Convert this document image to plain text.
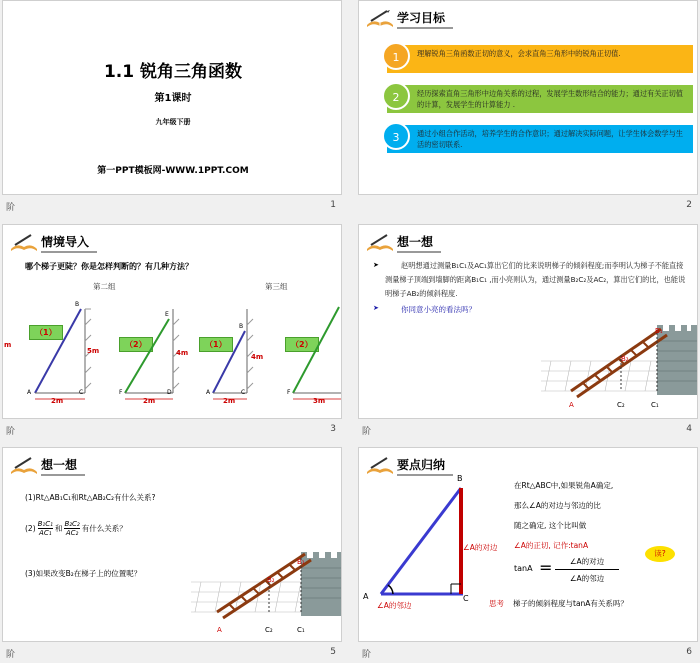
1.1 锐角三角函数
第1课时
九年级下册
第一PPT模板网-WWW.1PPT.COM
阶	1
学习目标
1	理解锐角三角函数正切的意义，会求直角三角形中的锐角正切值.
2	经历探索直角三角形中边角关系的过程，发展学生数形结合的能力；通过有关正切值的计算，发展学生的计算能力 .
3	通过小组合作活动，培养学生的合作意识；通过解决实际问题，让学生体会数学与生活的密切联系.
2
情境导入
哪个梯子更陡？你是怎样判断的？有几种方法？
第二组	第三组
m
（1）
B
A	C
5m
2m
（2）
E
F	D
4m
2m
（1）
B
A	C
4m
2m
（2）
F
3m
阶	3
想一想
➤	赵明想通过测量B₁C₁及AC₁算出它们的比来说明梯子的倾斜程度;而李明认为梯子不能直接测量梯子顶端到墙脚的距离B₁C₁ ,而小亮则认为，通过测量B₂C₂及AC₂，算出它们的比，也能说明梯子AB₂的倾斜程度.
➤	你同意小亮的看法吗？
A	C₂	C₁
B₂
B₁
阶	4
想一想
(1)Rt△AB₁C₁和Rt△AB₂C₂有什么关系?
$(2) \frac{\text{B₁C₁}}{\text{AC₁}}$ 和 $\frac{\text{B₂C₂}}{\text{AC₂}}$ 有什么关系？
(3)如果改变B₂在梯子上的位置呢？
A	C₂	C₁
B₂
B₁
阶	5
要点归纳
B
A	C
∠A的对边
∠A的邻边
在Rt△ABC中,如果锐角A确定,
那么∠A的对边与邻边的比
随之确定, 这个比叫做
∠A的正切, 记作:tanA
tanA =	∠A的对边
∠A的邻边
读?
思考 梯子的倾斜程度与tanA有关系吗？
阶	6
